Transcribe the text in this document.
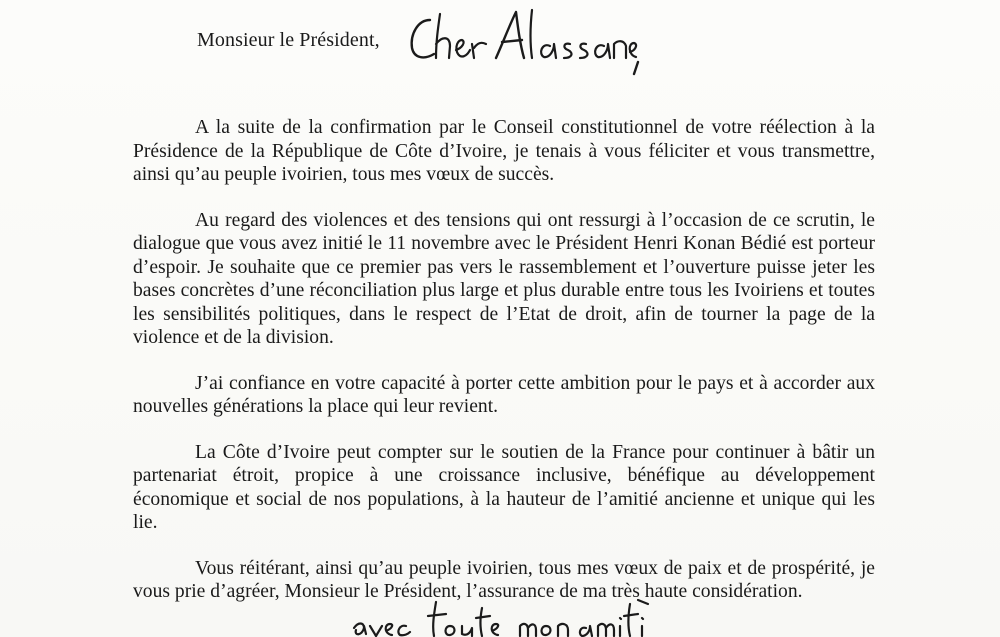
Monsieur le Président,

A la suite de la confirmation par le Conseil constitutionnel de votre réélection à la Présidence de la République de Côte d’Ivoire, je tenais à vous féliciter et vous transmettre, ainsi qu’au peuple ivoirien, tous mes vœux de succès.

Au regard des violences et des tensions qui ont ressurgi à l’occasion de ce scrutin, le dialogue que vous avez initié le 11 novembre avec le Président Henri Konan Bédié est porteur d’espoir. Je souhaite que ce premier pas vers le rassemblement et l’ouverture puisse jeter les bases concrètes d’une réconciliation plus large et plus durable entre tous les Ivoiriens et toutes les sensibilités politiques, dans le respect de l’Etat de droit, afin de tourner la page de la violence et de la division.

J’ai confiance en votre capacité à porter cette ambition pour le pays et à accorder aux nouvelles générations la place qui leur revient.

La Côte d’Ivoire peut compter sur le soutien de la France pour continuer à bâtir un partenariat étroit, propice à une croissance inclusive, bénéfique au développement économique et social de nos populations, à la hauteur de l’amitié ancienne et unique qui les lie.

Vous réitérant, ainsi qu’au peuple ivoirien, tous mes vœux de paix et de prospérité, je vous prie d’agréer, Monsieur le Président, l’assurance de ma très haute considération.
